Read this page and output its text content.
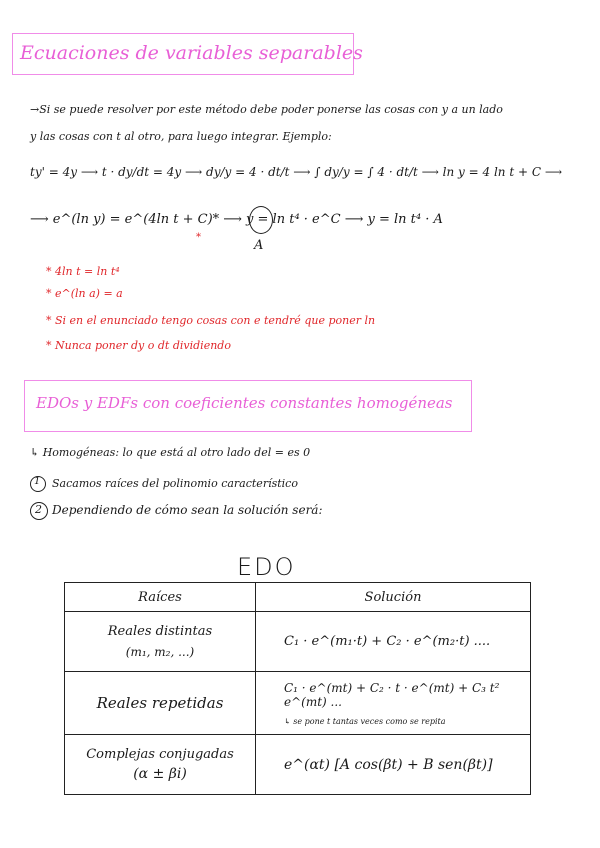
Ecuaciones de variables separables
→Si se puede resolver por este método debe poder ponerse las cosas con y a un lado
y las cosas con t al otro, para luego integrar. Ejemplo:
ty' = 4y ⟶ t · dy/dt = 4y ⟶ dy/y = 4 · dt/t ⟶ ∫ dy/y = ∫ 4 · dt/t ⟶ ln y = 4 ln t + C ⟶
⟶ e^(ln y) = e^(4ln t + C)* ⟶ y = ln t⁴ · e^C ⟶ y = ln t⁴ · A
*
A
* 4ln t = ln t⁴
* e^(ln a) = a
* Si en el enunciado tengo cosas con e tendré que poner ln
* Nunca poner dy o dt dividiendo
EDOs y EDFs con coeficientes constantes homogéneas
↳ Homogéneas: lo que está al otro lado del = es 0
1 Sacamos raíces del polinomio característico
2 Dependiendo de cómo sean la solución será:
EDO
Raíces	Solución

Reales distintas
(m₁, m₂, ...)	C₁ · e^(m₁·t) + C₂ · e^(m₂·t) ....

Reales repetidas	C₁ · e^(mt) + C₂ · t · e^(mt) + C₃ t² e^(mt) ...
↳ se pone t tantas veces como se repita

Complejas conjugadas
(α ± βi)	e^(αt) [A cos(βt) + B sen(βt)]
